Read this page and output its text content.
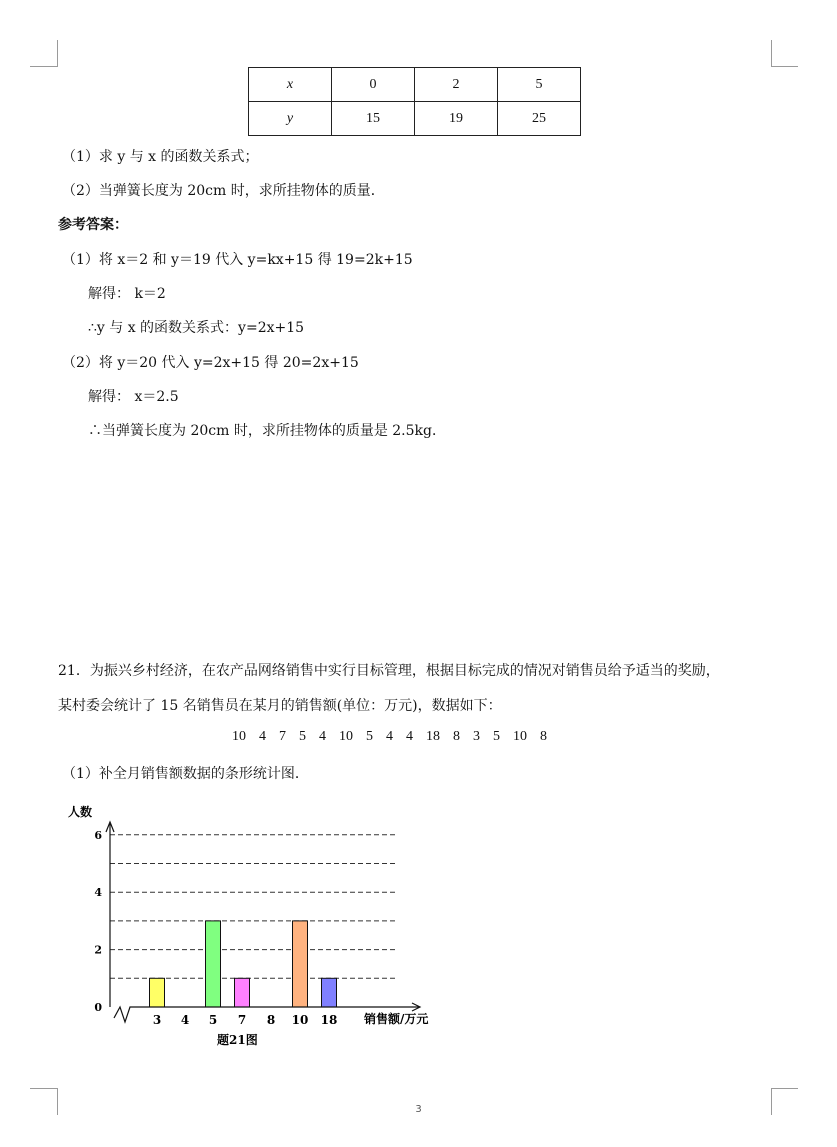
x	0	2	5
y	15	19	25
（1）求 y 与 x 的函数关系式；
（2）当弹簧长度为 20cm 时，求所挂物体的质量．
参考答案：
（1）将 x＝2 和 y＝19 代入 y=kx+15 得 19=2k+15
解得： k＝2
∴y 与 x 的函数关系式：y=2x+15
（2）将 y＝20 代入 y=2x+15 得 20=2x+15
解得： x＝2.5
∴当弹簧长度为 20cm 时，求所挂物体的质量是 2.5kg．
21．为振兴乡村经济，在农产品网络销售中实行目标管理，根据目标完成的情况对销售员给予适当的奖励，
某村委会统计了 15 名销售员在某月的销售额(单位：万元)，数据如下：
10 4 7 5 4 10 5 4 4 18 8 3 5 10 8
（1）补全月销售额数据的条形统计图．
人数
销售额/万元
题21图
3 4 5 7 8 10 18
0
2
4
6
3
